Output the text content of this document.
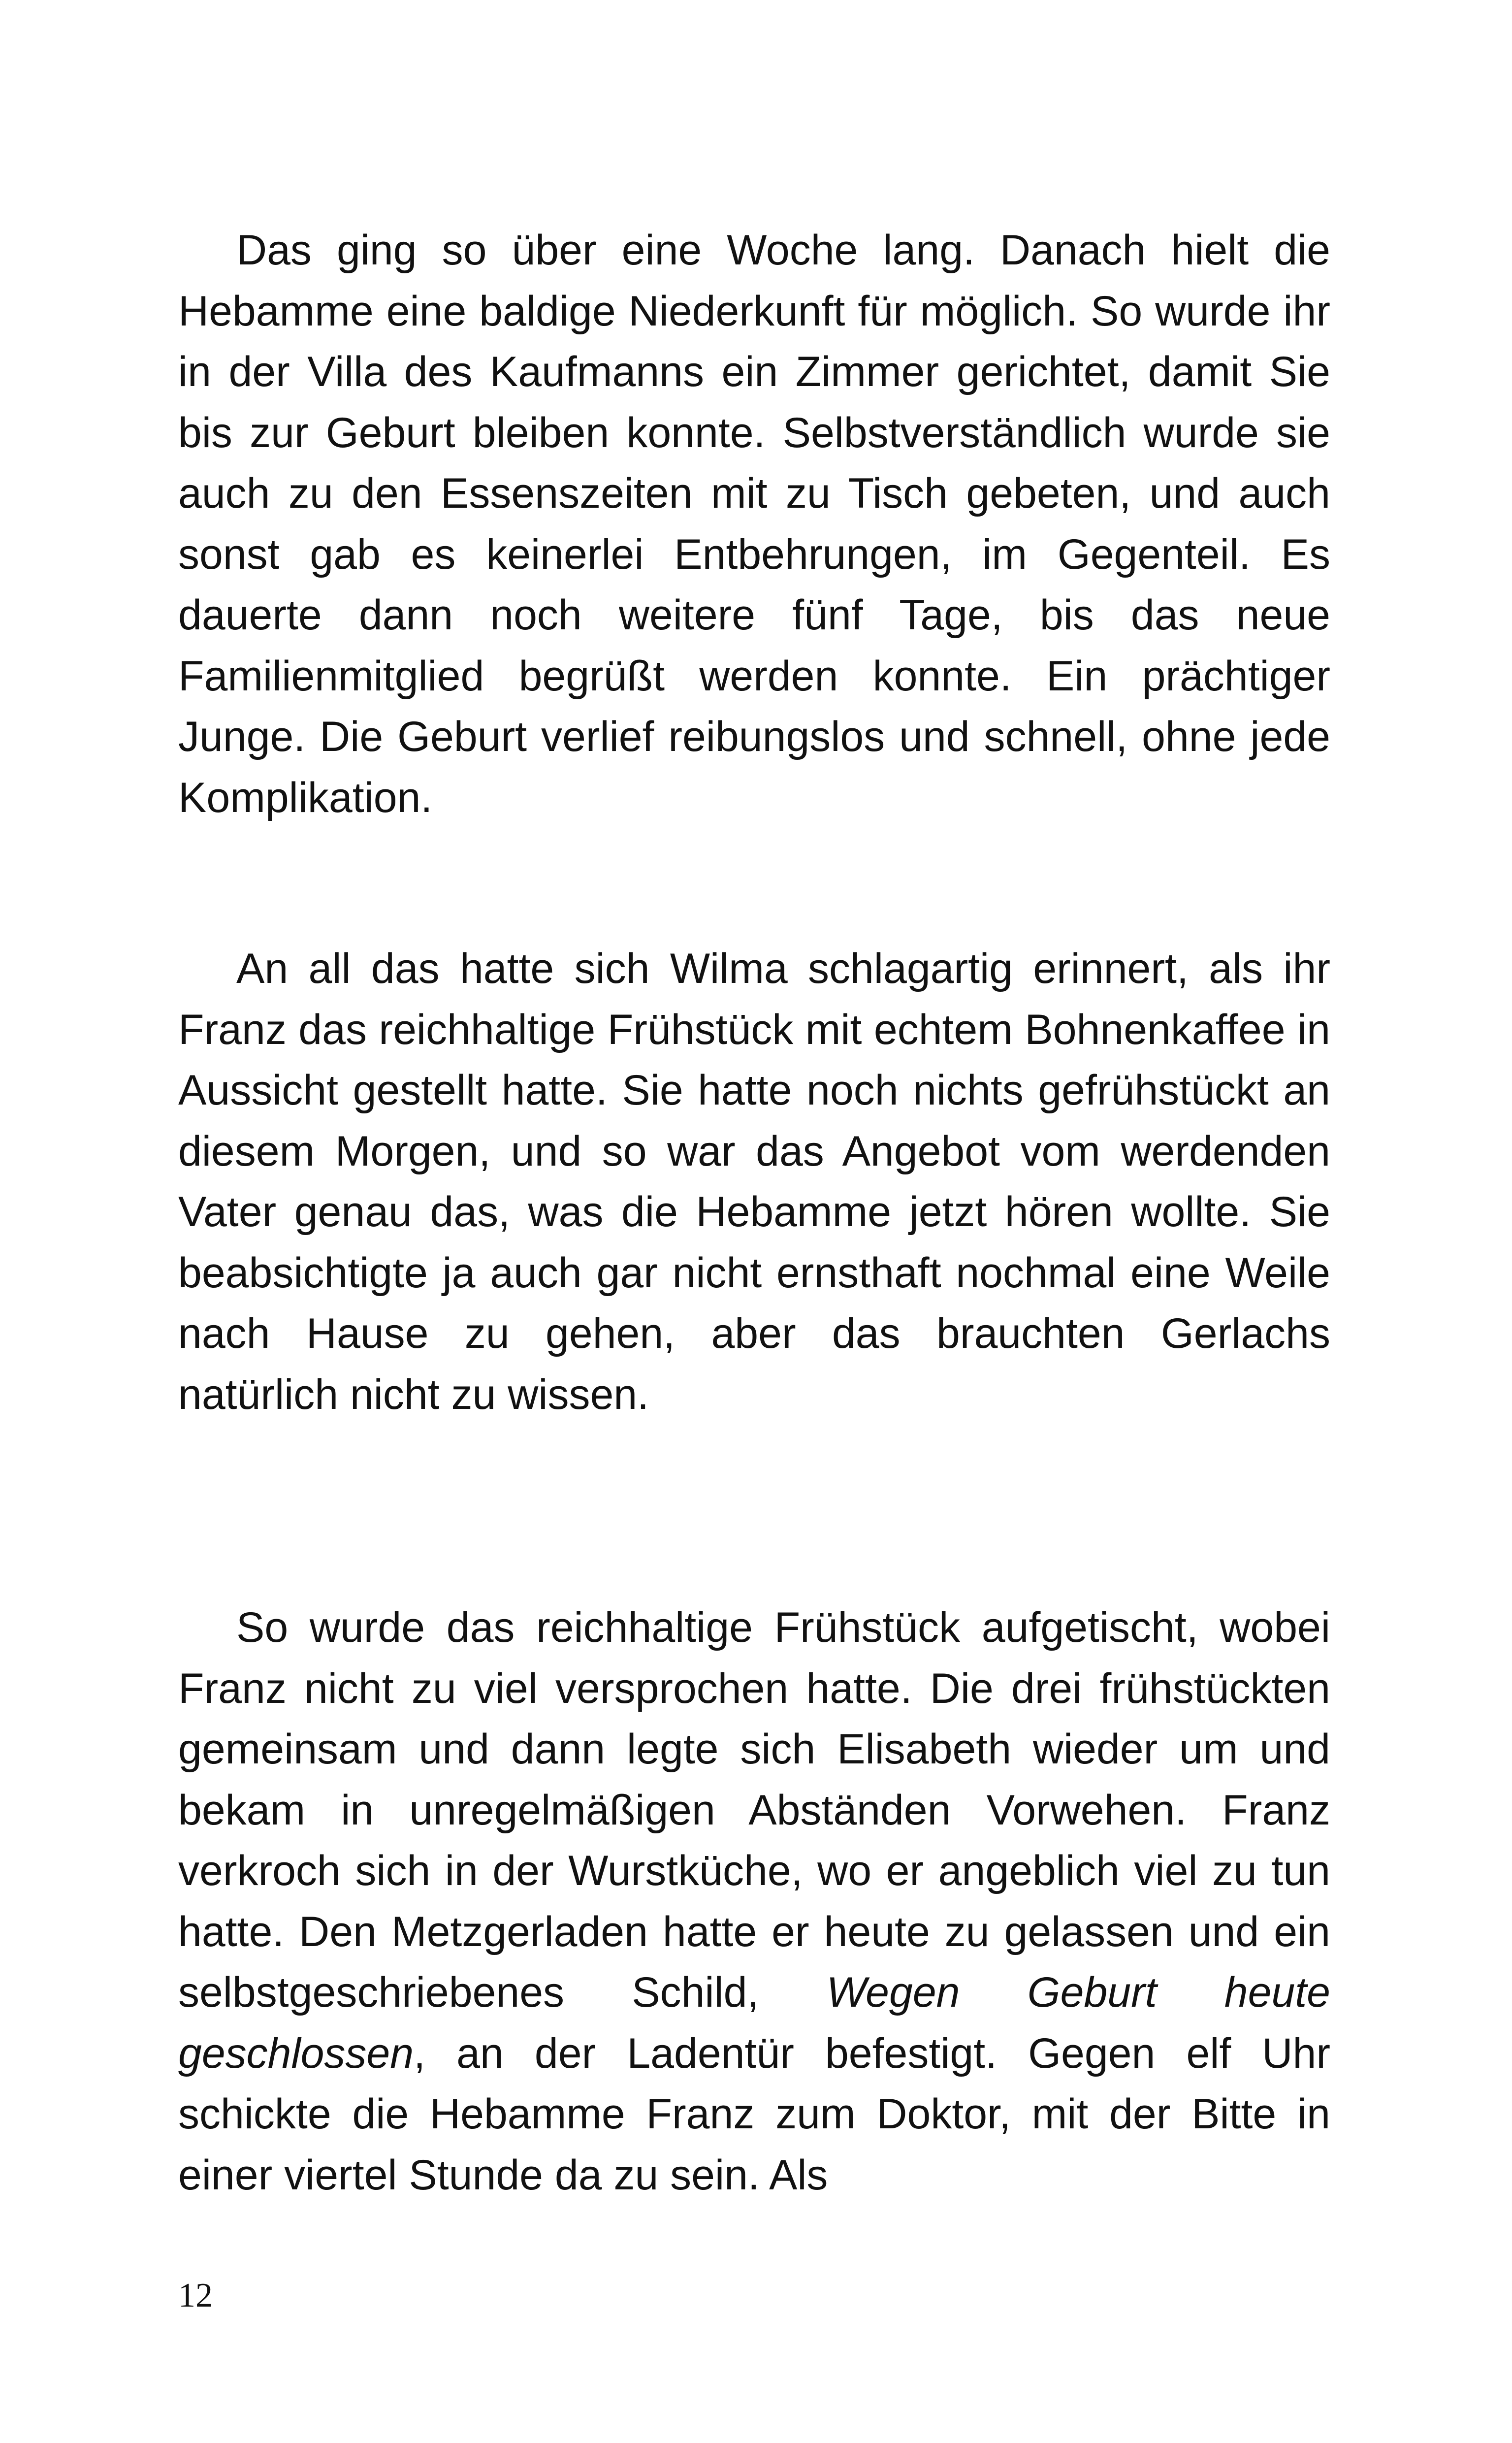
Das ging so über eine Woche lang. Danach hielt die Hebamme eine baldige Niederkunft für möglich. So wurde ihr in der Villa des Kaufmanns ein Zimmer gerichtet, damit Sie bis zur Geburt bleiben konnte. Selbstverständlich wurde sie auch zu den Essenszeiten mit zu Tisch gebeten, und auch sonst gab es keinerlei Entbehrungen, im Gegenteil. Es dauerte dann noch weitere fünf Tage, bis das neue Familienmitglied begrüßt werden konnte. Ein prächtiger Junge. Die Geburt verlief reibungslos und schnell, ohne jede Komplikation.

An all das hatte sich Wilma schlagartig erinnert, als ihr Franz das reichhaltige Frühstück mit echtem Bohnenkaffee in Aussicht gestellt hatte. Sie hatte noch nichts gefrühstückt an diesem Morgen, und so war das Angebot vom werdenden Vater genau das, was die Hebamme jetzt hören wollte. Sie beabsichtigte ja auch gar nicht ernsthaft nochmal eine Weile nach Hause zu gehen, aber das brauchten Gerlachs natürlich nicht zu wissen.

So wurde das reichhaltige Frühstück aufgetischt, wobei Franz nicht zu viel versprochen hatte. Die drei frühstückten gemeinsam und dann legte sich Elisabeth wieder um und bekam in unregelmäßigen Abständen Vorwehen. Franz verkroch sich in der Wurstküche, wo er angeblich viel zu tun hatte. Den Metzgerladen hatte er heute zu gelassen und ein selbstgeschriebenes Schild, Wegen Geburt heute geschlossen, an der Ladentür befestigt. Gegen elf Uhr schickte die Hebamme Franz zum Doktor, mit der Bitte in einer viertel Stunde da zu sein. Als

12
